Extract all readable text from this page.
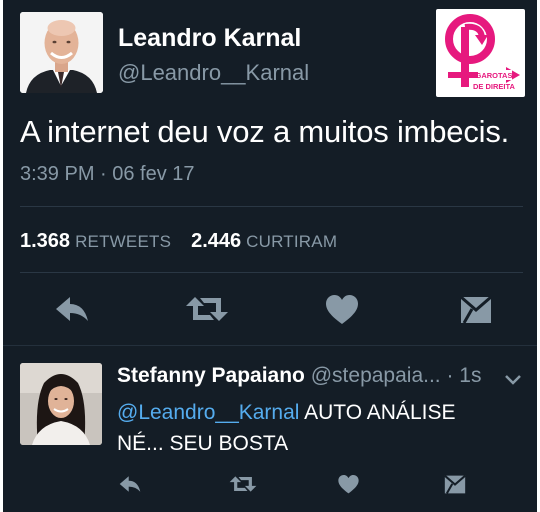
Leandro Karnal
@Leandro__Karnal	GAROTAS
DE DIREITA
A internet deu voz a muitos imbecis.
3:39 PM · 06 fev 17
1.368 RETWEETS 2.446 CURTIRAM
Stefanny Papaiano @stepapaia... · 1s
@Leandro__Karnal AUTO ANÁLISE
NÉ... SEU BOSTA
